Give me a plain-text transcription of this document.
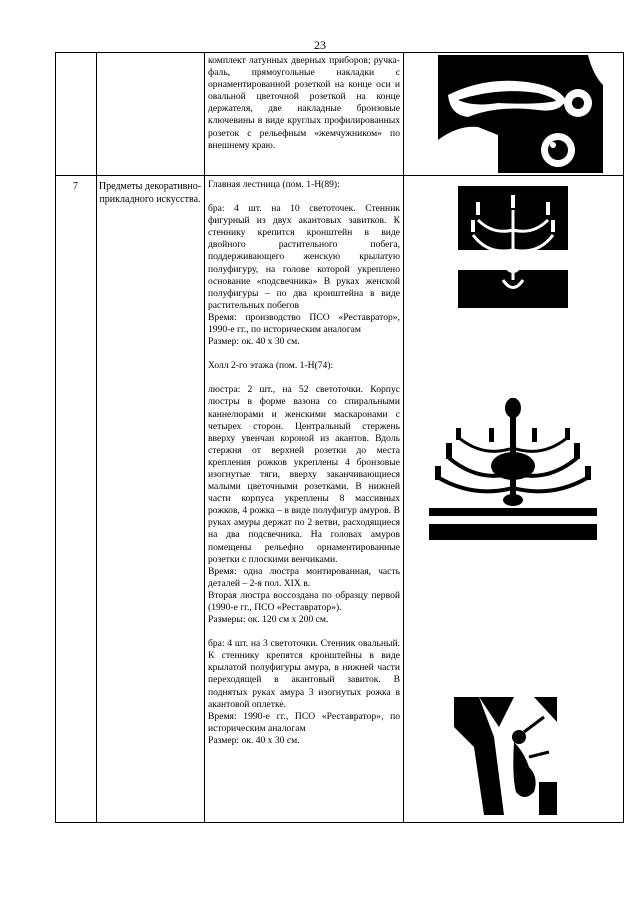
23
комплект латунных дверных приборов; ручка-фаль, прямоугольные накладки с орнаментированной розеткой на конце оси и овальной цветочной розеткой на конце держателя, две накладные бронзовые ключевины в виде круглых профилированных розеток с рельефным «жемчужником» по внешнему краю.
7	Предметы декоративно-прикладного искусства.

Главная лестница (пом. 1-Н(89):

бра: 4 шт. на 10 светоточек. Стенник фигурный из двух акантовых завитков. К стеннику крепится кронштейн в виде двойного растительного побега, поддерживающего женскую крылатую полуфигуру, на голове которой укреплено основание «подсвечника» В руках женской полуфигуры – по два кронштейна в виде растительных побегов

Время: производство ПСО «Реставратор», 1990-е гг., по историческим аналогам

Размер: ок. 40 х 30 см.

Холл 2-го этажа (пом. 1-Н(74):

люстра: 2 шт., на 52 светоточки. Корпус люстры в форме вазона со спиральными каннелюрами и женскими маскаронами с четырех сторон. Центральный стержень вверху увенчан короной из акантов. Вдоль стержня от верхней розетки до места крепления рожков укреплены 4 бронзовые изогнутые тяги, вверху заканчивающиеся малыми цветочными розетками. В нижней части корпуса укреплены 8 массивных рожков, 4 рожка – в виде полуфигур амуров. В руках амуры держат по 2 ветви, расходящиеся на два подсвечника. На головах амуров помещены рельефно орнаментированные розетки с плоскими венчиками.

Время: одна люстра монтированная, часть деталей – 2-я пол. XIX в.

Вторая люстра воссоздана по образцу первой (1990-е гг., ПСО «Реставратор»).

Размеры: ок. 120 см х 200 см.

бра: 4 шт. на 3 светоточки. Стенник овальный. К стеннику крепятся кронштейны в виде крылатой полуфигуры амура, в нижней части переходящей в акантовый завиток. В поднятых руках амура 3 изогнутых рожка в акантовой оплетке.

Время: 1990-е гг., ПСО «Реставратор», по историческим аналогам

Размер: ок. 40 х 30 см.
